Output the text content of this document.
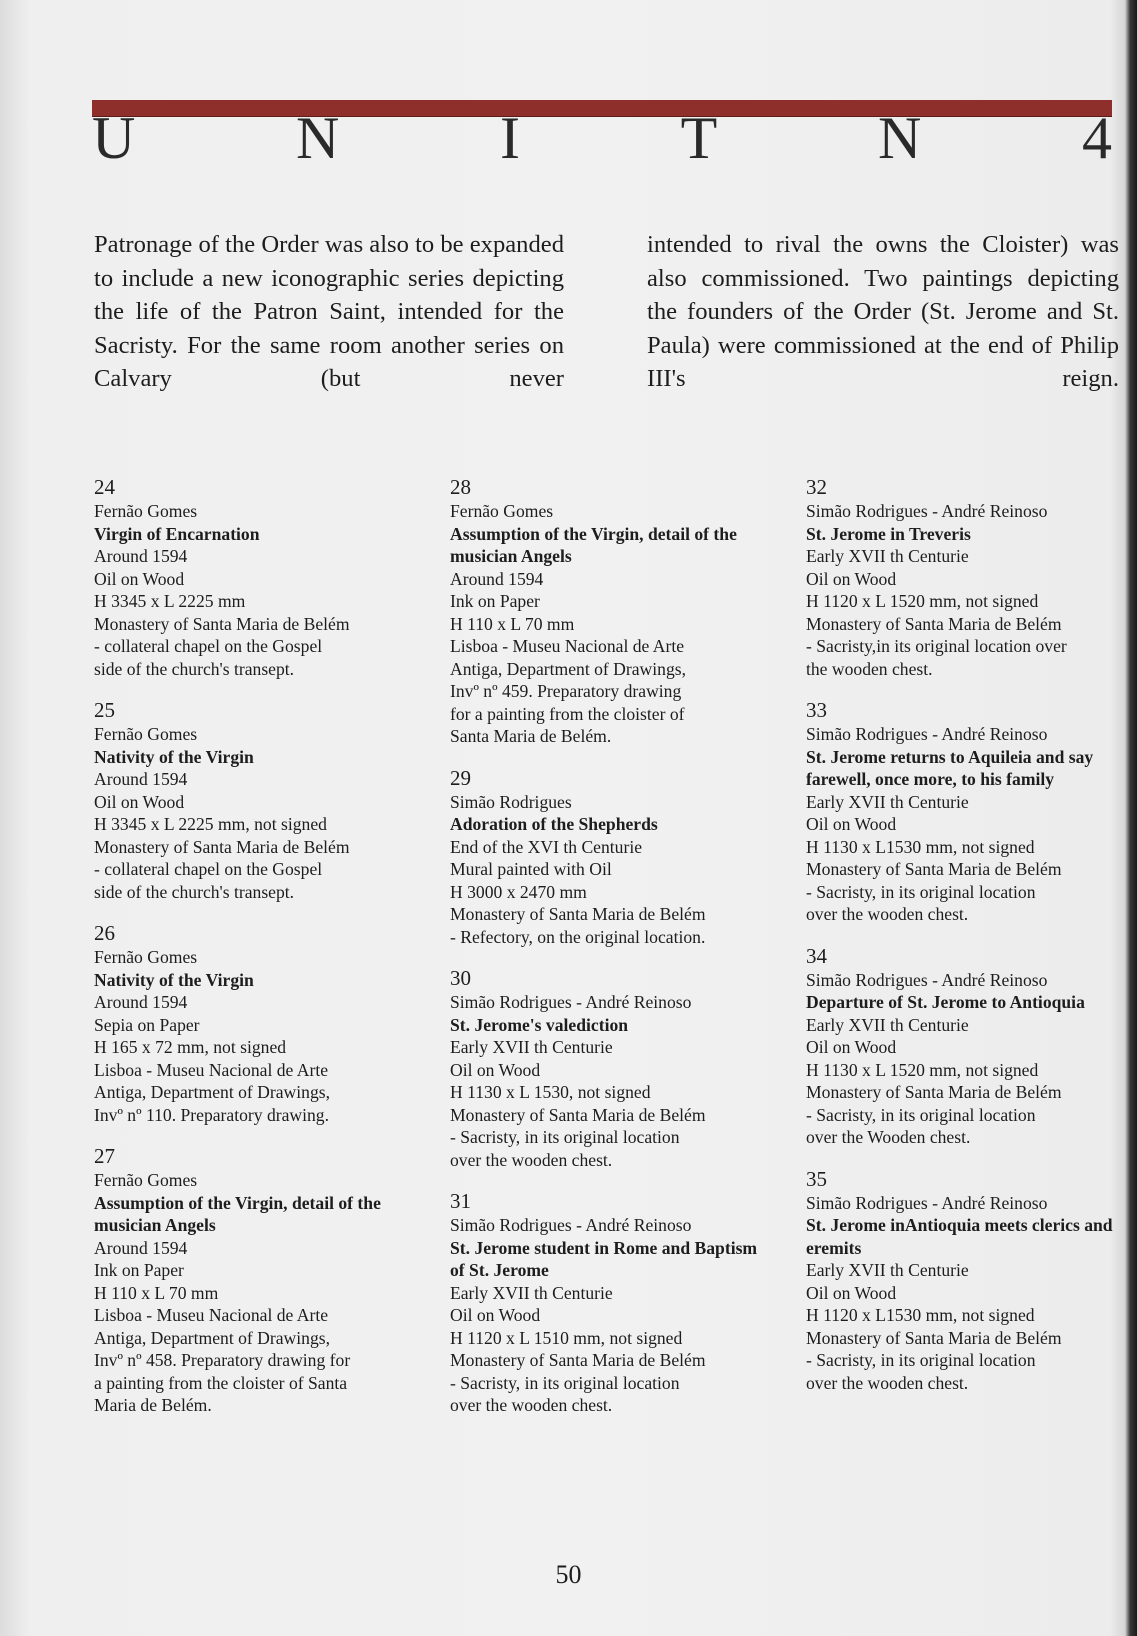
U	N	I	T	N	4
Patronage of the Order was also to be expanded to include a new iconographic series depicting the life of the Patron Saint, intended for the Sacristy. For the same room another series on Calvary (but never
intended to rival the owns the Cloister) was also commissioned. Two paintings depicting the founders of the Order (St. Jerome and St. Paula) were commissioned at the end of Philip III's reign.
24
Fernão Gomes
Virgin of Encarnation
Around 1594
Oil on Wood
H 3345 x L 2225 mm
Monastery of Santa Maria de Belém
- collateral chapel on the Gospel
side of the church's transept.
25
Fernão Gomes
Nativity of the Virgin
Around 1594
Oil on Wood
H 3345 x L 2225 mm, not signed
Monastery of Santa Maria de Belém
- collateral chapel on the Gospel
side of the church's transept.
26
Fernão Gomes
Nativity of the Virgin
Around 1594
Sepia on Paper
H 165 x 72 mm, not signed
Lisboa - Museu Nacional de Arte
Antiga, Department of Drawings,
Invº nº 110. Preparatory drawing.
27
Fernão Gomes
Assumption of the Virgin, detail of the musician Angels
Around 1594
Ink on Paper
H 110 x L 70 mm
Lisboa - Museu Nacional de Arte
Antiga, Department of Drawings,
Invº nº 458. Preparatory drawing for
a painting from the cloister of Santa
Maria de Belém.
28
Fernão Gomes
Assumption of the Virgin, detail of the musician Angels
Around 1594
Ink on Paper
H 110 x L 70 mm
Lisboa - Museu Nacional de Arte
Antiga, Department of Drawings,
Invº nº 459. Preparatory drawing
for a painting from the cloister of
Santa Maria de Belém.
29
Simão Rodrigues
Adoration of the Shepherds
End of the XVI th Centurie
Mural painted with Oil
H 3000 x 2470 mm
Monastery of Santa Maria de Belém
- Refectory, on the original location.
30
Simão Rodrigues - André Reinoso
St. Jerome's valediction
Early XVII th Centurie
Oil on Wood
H 1130 x L 1530, not signed
Monastery of Santa Maria de Belém
- Sacristy, in its original location
over the wooden chest.
31
Simão Rodrigues - André Reinoso
St. Jerome student in Rome and Baptism of St. Jerome
Early XVII th Centurie
Oil on Wood
H 1120 x L 1510 mm, not signed
Monastery of Santa Maria de Belém
- Sacristy, in its original location
over the wooden chest.
32
Simão Rodrigues - André Reinoso
St. Jerome in Treveris
Early XVII th Centurie
Oil on Wood
H 1120 x L 1520 mm, not signed
Monastery of Santa Maria de Belém
- Sacristy,in its original location over
the wooden chest.
33
Simão Rodrigues - André Reinoso
St. Jerome returns to Aquileia and say farewell, once more, to his family
Early XVII th Centurie
Oil on Wood
H 1130 x L1530 mm, not signed
Monastery of Santa Maria de Belém
- Sacristy, in its original location
over the wooden chest.
34
Simão Rodrigues - André Reinoso
Departure of St. Jerome to Antioquia
Early XVII th Centurie
Oil on Wood
H 1130 x L 1520 mm, not signed
Monastery of Santa Maria de Belém
- Sacristy, in its original location
over the Wooden chest.
35
Simão Rodrigues - André Reinoso
St. Jerome inAntioquia meets clerics and eremits
Early XVII th Centurie
Oil on Wood
H 1120 x L1530 mm, not signed
Monastery of Santa Maria de Belém
- Sacristy, in its original location
over the wooden chest.
50
